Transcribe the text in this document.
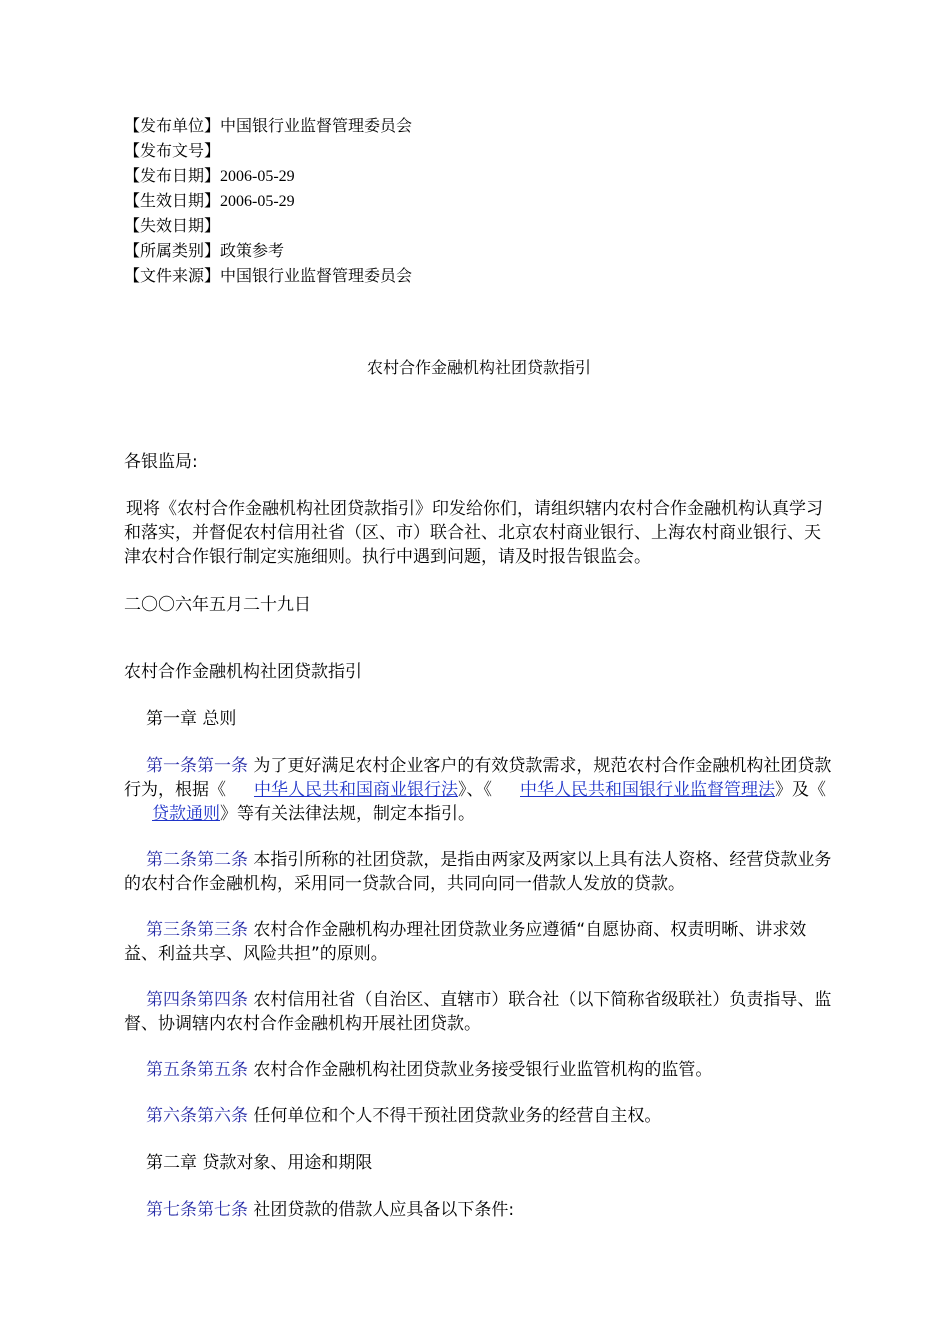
【发布单位】中国银行业监督管理委员会
【发布文号】
【发布日期】2006-05-29
【生效日期】2006-05-29
【失效日期】
【所属类别】政策参考
【文件来源】中国银行业监督管理委员会
农村合作金融机构社团贷款指引
各银监局:
现将《农村合作金融机构社团贷款指引》印发给你们，请组织辖内农村合作金融机构认真学习和落实，并督促农村信用社省（区、市）联合社、北京农村商业银行、上海农村商业银行、天津农村合作银行制定实施细则。执行中遇到问题，请及时报告银监会。
二〇〇六年五月二十九日
农村合作金融机构社团贷款指引
第一章 总则
第一条第一条 为了更好满足农村企业客户的有效贷款需求，规范农村合作金融机构社团贷款行为，根据《 中华人民共和国商业银行法》、《 中华人民共和国银行业监督管理法》及《贷款通则》等有关法律法规，制定本指引。
第二条第二条 本指引所称的社团贷款，是指由两家及两家以上具有法人资格、经营贷款业务的农村合作金融机构，采用同一贷款合同，共同向同一借款人发放的贷款。
第三条第三条 农村合作金融机构办理社团贷款业务应遵循“自愿协商、权责明晰、讲求效益、利益共享、风险共担”的原则。
第四条第四条 农村信用社省（自治区、直辖市）联合社（以下简称省级联社）负责指导、监督、协调辖内农村合作金融机构开展社团贷款。
第五条第五条 农村合作金融机构社团贷款业务接受银行业监管机构的监管。
第六条第六条 任何单位和个人不得干预社团贷款业务的经营自主权。
第二章 贷款对象、用途和期限
第七条第七条 社团贷款的借款人应具备以下条件:
